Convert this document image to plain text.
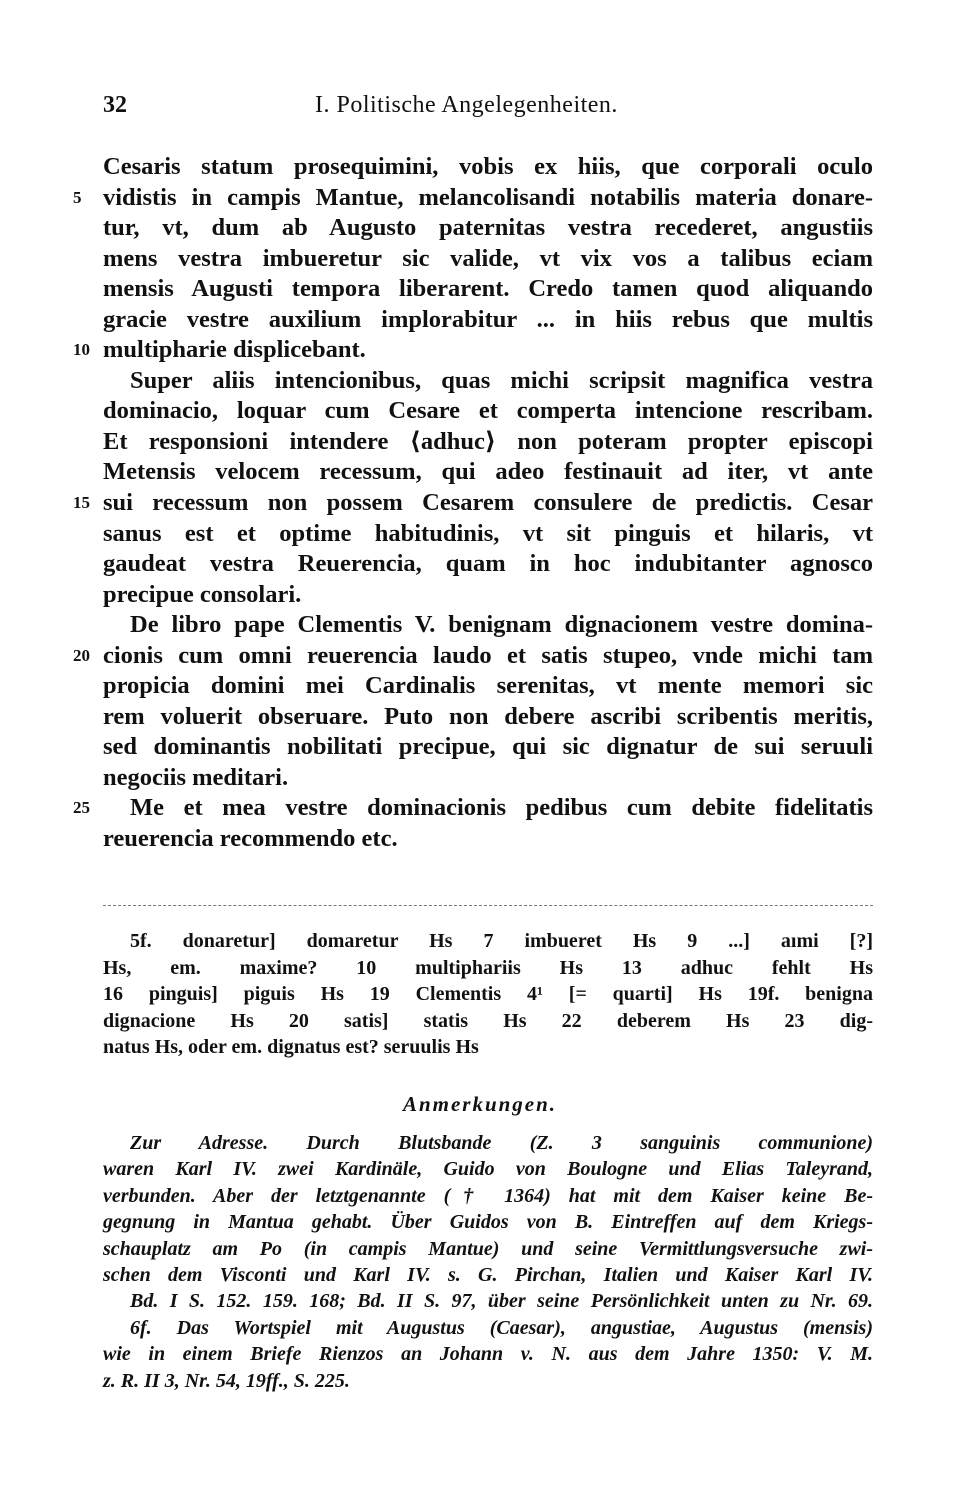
32	I. Politische Angelegenheiten.
Cesaris statum prosequimini, vobis ex hiis, que corporali oculo
5 vidistis in campis Mantue, melancolisandi notabilis materia donare-
tur, vt, dum ab Augusto paternitas vestra recederet, angustiis
mens vestra imbueretur sic valide, vt vix vos a talibus eciam
mensis Augusti tempora liberarent. Credo tamen quod aliquando
gracie vestre auxilium implorabitur ... in hiis rebus que multis
10 multipharie displicebant.
Super aliis intencionibus, quas michi scripsit magnifica vestra
dominacio, loquar cum Cesare et comperta intencione rescribam.
Et responsioni intendere ⟨adhuc⟩ non poteram propter episcopi
Metensis velocem recessum, qui adeo festinauit ad iter, vt ante
15 sui recessum non possem Cesarem consulere de predictis. Cesar
sanus est et optime habitudinis, vt sit pinguis et hilaris, vt
gaudeat vestra Reuerencia, quam in hoc indubitanter agnosco
precipue consolari.
De libro pape Clementis V. benignam dignacionem vestre domina-
20 cionis cum omni reuerencia laudo et satis stupeo, vnde michi tam
propicia domini mei Cardinalis serenitas, vt mente memori sic
rem voluerit obseruare. Puto non debere ascribi scribentis meritis,
sed dominantis nobilitati precipue, qui sic dignatur de sui seruuli
negociis meditari.
25	Me et mea vestre dominacionis pedibus cum debite fidelitatis
reuerencia recommendo etc.
5f. donaretur] domaretur Hs 7 imbueret Hs 9 ...] aımi [?]
Hs, em. maxime? 10 multiphariis Hs 13 adhuc fehlt Hs
16 pinguis] piguis Hs 19 Clementis 4¹ [= quarti] Hs 19f. benigna
dignacione Hs 20 satis] statis Hs 22 deberem Hs 23 dig-
natus Hs, oder em. dignatus est? seruulis Hs
Anmerkungen.
Zur Adresse. Durch Blutsbande (Z. 3 sanguinis communione)
waren Karl IV. zwei Kardinäle, Guido von Boulogne und Elias Taleyrand,
verbunden. Aber der letztgenannte († 1364) hat mit dem Kaiser keine Be-
gegnung in Mantua gehabt. Über Guidos von B. Eintreffen auf dem Kriegs-
schauplatz am Po (in campis Mantue) und seine Vermittlungsversuche zwi-
schen dem Visconti und Karl IV. s. G. Pirchan, Italien und Kaiser Karl IV.
Bd. I S. 152. 159. 168; Bd. II S. 97, über seine Persönlichkeit unten zu Nr. 69.
6f. Das Wortspiel mit Augustus (Caesar), angustiae, Augustus (mensis)
wie in einem Briefe Rienzos an Johann v. N. aus dem Jahre 1350: V. M.
z. R. II 3, Nr. 54, 19ff., S. 225.
